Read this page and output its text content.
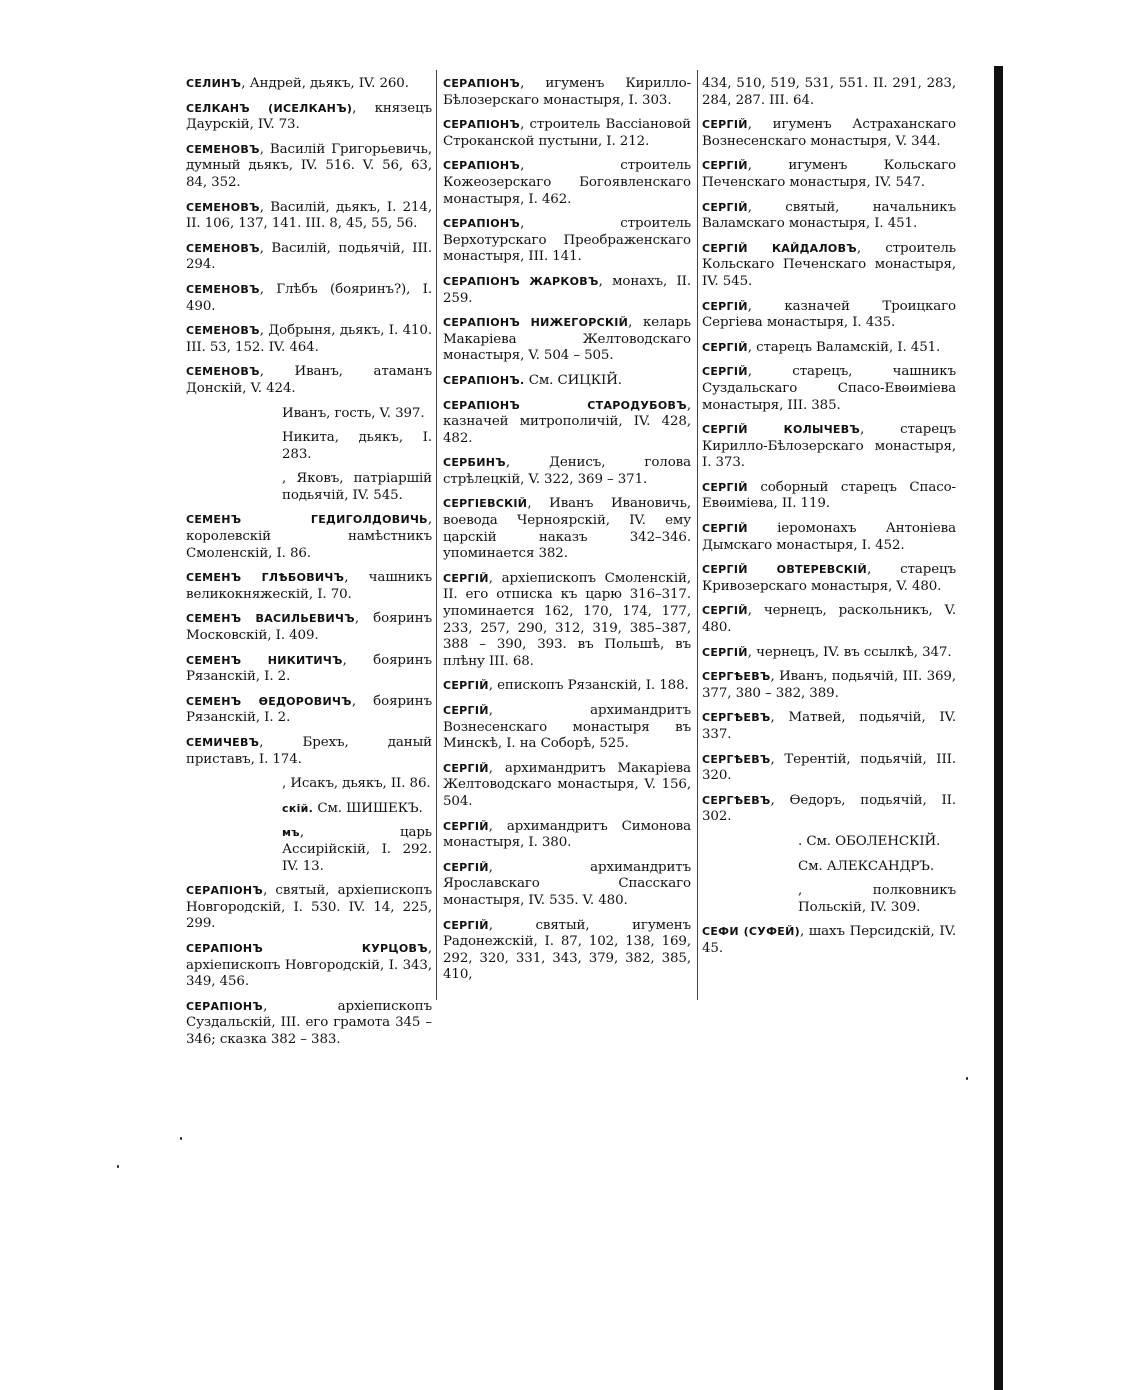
СЕЛИНЪ, Андрей, дьякъ, IV. 260.
СЕЛКАНЪ (ИСЕЛКАНЪ), князецъ Даурскій, IV. 73.
СЕМЕНОВЪ, Василій Григорьевичь, думный дьякъ, IV. 516. V. 56, 63, 84, 352.
СЕМЕНОВЪ, Василій, дьякъ, I. 214, II. 106, 137, 141. III. 8, 45, 55, 56.
СЕМЕНОВЪ, Василій, подьячій, III. 294.
СЕМЕНОВЪ, Глѣбъ (бояринъ?), I. 490.
СЕМЕНОВЪ, Добрыня, дьякъ, I. 410. III. 53, 152. IV. 464.
СЕМЕНОВЪ, Иванъ, атаманъ Донскій, V. 424.
Иванъ, гость, V. 397.
Никита, дьякъ, I. 283.
, Яковъ, патріаршій подьячій, IV. 545.
СЕМЕНЪ ГЕДИГОЛДОВИЧЬ, королевскій намѣстникъ Смоленскій, I. 86.
СЕМЕНЪ ГЛѢБОВИЧЪ, чашникъ великокняжескій, I. 70.
СЕМЕНЪ ВАСИЛЬЕВИЧЪ, бояринъ Московскій, I. 409.
СЕМЕНЪ НИКИТИЧЪ, бояринъ Рязанскій, I. 2.
СЕМЕНЪ ӨЕДОРОВИЧЪ, бояринъ Рязанскій, I. 2.
СЕМИЧЕВЪ, Брехъ, даный приставъ, I. 174.
, Исакъ, дьякъ, II. 86.
скій. См. ШИШЕКЪ.
мъ, царь Ассирійскій, I. 292. IV. 13.
СЕРАПІОНЪ, святый, архіепископъ Новгородскій, I. 530. IV. 14, 225, 299.
СЕРАПІОНЪ КУРЦОВЪ, архіепископъ Новгородскій, I. 343, 349, 456.
СЕРАПІОНЪ, архіепископъ Суздальскій, III. его грамота 345 – 346; сказка 382 – 383.
СЕРАПІОНЪ, игуменъ Кирилло-Бѣлозерскаго монастыря, I. 303.
СЕРАПІОНЪ, строитель Вассіановой Строканской пустыни, I. 212.
СЕРАПІОНЪ, строитель Кожеозерскаго Богоявленскаго монастыря, I. 462.
СЕРАПІОНЪ, строитель Верхотурскаго Преображенскаго монастыря, III. 141.
СЕРАПІОНЪ ЖАРКОВЪ, монахъ, II. 259.
СЕРАПІОНЪ НИЖЕГОРСКІЙ, келарь Макаріева Желтоводскаго монастыря, V. 504 – 505.
СЕРАПІОНЪ. См. СИЦКІЙ.
СЕРАПІОНЪ СТАРОДУБОВЪ, казначей митрополичій, IV. 428, 482.
СЕРБИНЪ, Денисъ, голова стрѣлецкій, V. 322, 369 – 371.
СЕРГІЕВСКІЙ, Иванъ Ивановичь, воевода Чернoярскій, IV. ему царскій наказъ 342–346. упоминается 382.
СЕРГІЙ, архіепископъ Смоленскій, II. его отписка къ царю 316–317. упоминается 162, 170, 174, 177, 233, 257, 290, 312, 319, 385–387, 388 – 390, 393. въ Польшѣ, въ плѣну III. 68.
СЕРГІЙ, епископъ Рязанскій, I. 188.
СЕРГІЙ, архимандритъ Вознесенскаго монастыря въ Минскѣ, I. на Соборѣ, 525.
СЕРГІЙ, архимандритъ Макаріева Желтоводскаго монастыря, V. 156, 504.
СЕРГІЙ, архимандритъ Симонова монастыря, I. 380.
СЕРГІЙ, архимандритъ Ярославскаго Спасскаго монастыря, IV. 535. V. 480.
СЕРГІЙ, святый, игуменъ Радонежскій, I. 87, 102, 138, 169, 292, 320, 331, 343, 379, 382, 385, 410,
434, 510, 519, 531, 551. II. 291, 283, 284, 287. III. 64.
СЕРГІЙ, игуменъ Астраханскаго Вознесенскаго монастыря, V. 344.
СЕРГІЙ, игуменъ Кольскаго Печенскаго монастыря, IV. 547.
СЕРГІЙ, святый, начальникъ Валамскаго монастыря, I. 451.
СЕРГІЙ КАЙДАЛОВЪ, строитель Кольскаго Печенскаго монастыря, IV. 545.
СЕРГІЙ, казначей Троицкаго Сергіева монастыря, I. 435.
СЕРГІЙ, старецъ Валамскій, I. 451.
СЕРГІЙ, старецъ, чашникъ Суздальскаго Спасо-Евөиміева монастыря, III. 385.
СЕРГІЙ КОЛЫЧЕВЪ, старецъ Кирилло-Бѣлозерскаго монастыря, I. 373.
СЕРГІЙ соборный старецъ Спасо-Евөиміева, II. 119.
СЕРГІЙ іеромонахъ Антоніева Дымскаго монастыря, I. 452.
СЕРГІЙ ОВТЕРЕВСКІЙ, старецъ Кривозерскаго монастыря, V. 480.
СЕРГІЙ, чернецъ, раскольникъ, V. 480.
СЕРГІЙ, чернецъ, IV. въ ссылкѣ, 347.
СЕРГѢЕВЪ, Иванъ, подьячій, III. 369, 377, 380 – 382, 389.
СЕРГѢЕВЪ, Матвей, подьячій, IV. 337.
СЕРГѢЕВЪ, Терентій, подьячій, III. 320.
СЕРГѢЕВЪ, Өедоръ, подьячій, II. 302.
. См. ОБОЛЕНСКІЙ.
См. АЛЕКСАНДРЪ.
, полковникъ Польскій, IV. 309.
СЕФИ (СУФЕЙ), шахъ Персидскій, IV. 45.
